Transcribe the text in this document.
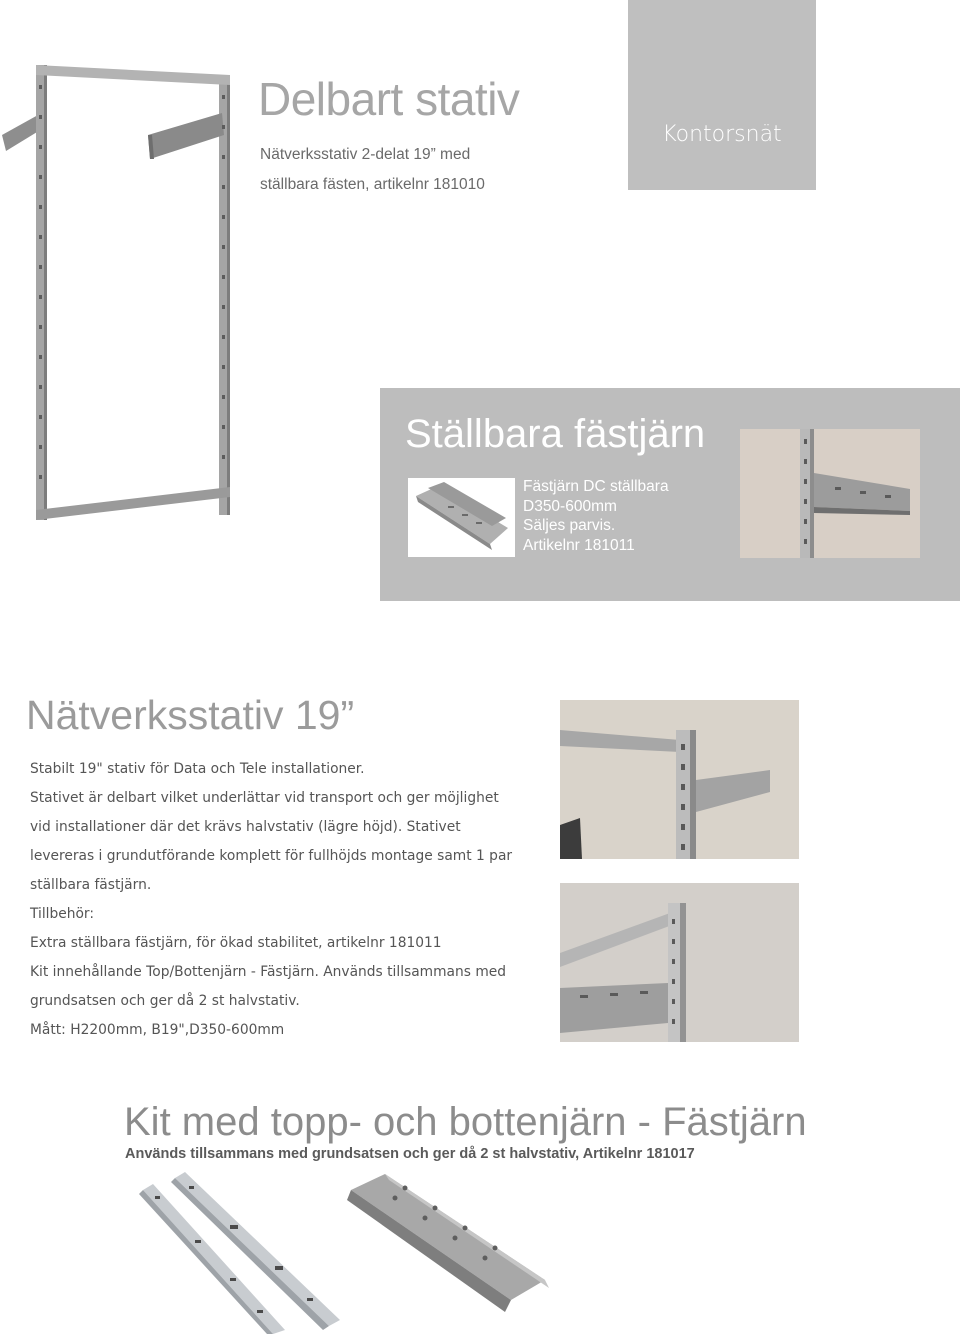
Kontorsnät
Delbart stativ
Nätverksstativ 2-delat 19” med
ställbara fästen, artikelnr 181010
Ställbara fästjärn
Fästjärn DC ställbara
D350-600mm
Säljes parvis.
Artikelnr 181011
Nätverksstativ 19”

Stabilt 19" stativ för Data och Tele installationer.

Stativet är delbart vilket underlättar vid transport och ger möjlighet

vid installationer där det krävs halvstativ (lägre höjd). Stativet

levereras i grundutförande komplett för fullhöjds montage samt 1 par

ställbara fästjärn.

Tillbehör:

Extra ställbara fästjärn, för ökad stabilitet, artikelnr 181011

Kit innehållande Top/Bottenjärn - Fästjärn. Används tillsammans med

grundsatsen och ger då 2 st halvstativ.

Mått: H2200mm, B19",D350-600mm

Kit med topp- och bottenjärn - Fästjärn
Används tillsammans med grundsatsen och ger då 2 st halvstativ, Artikelnr 181017
